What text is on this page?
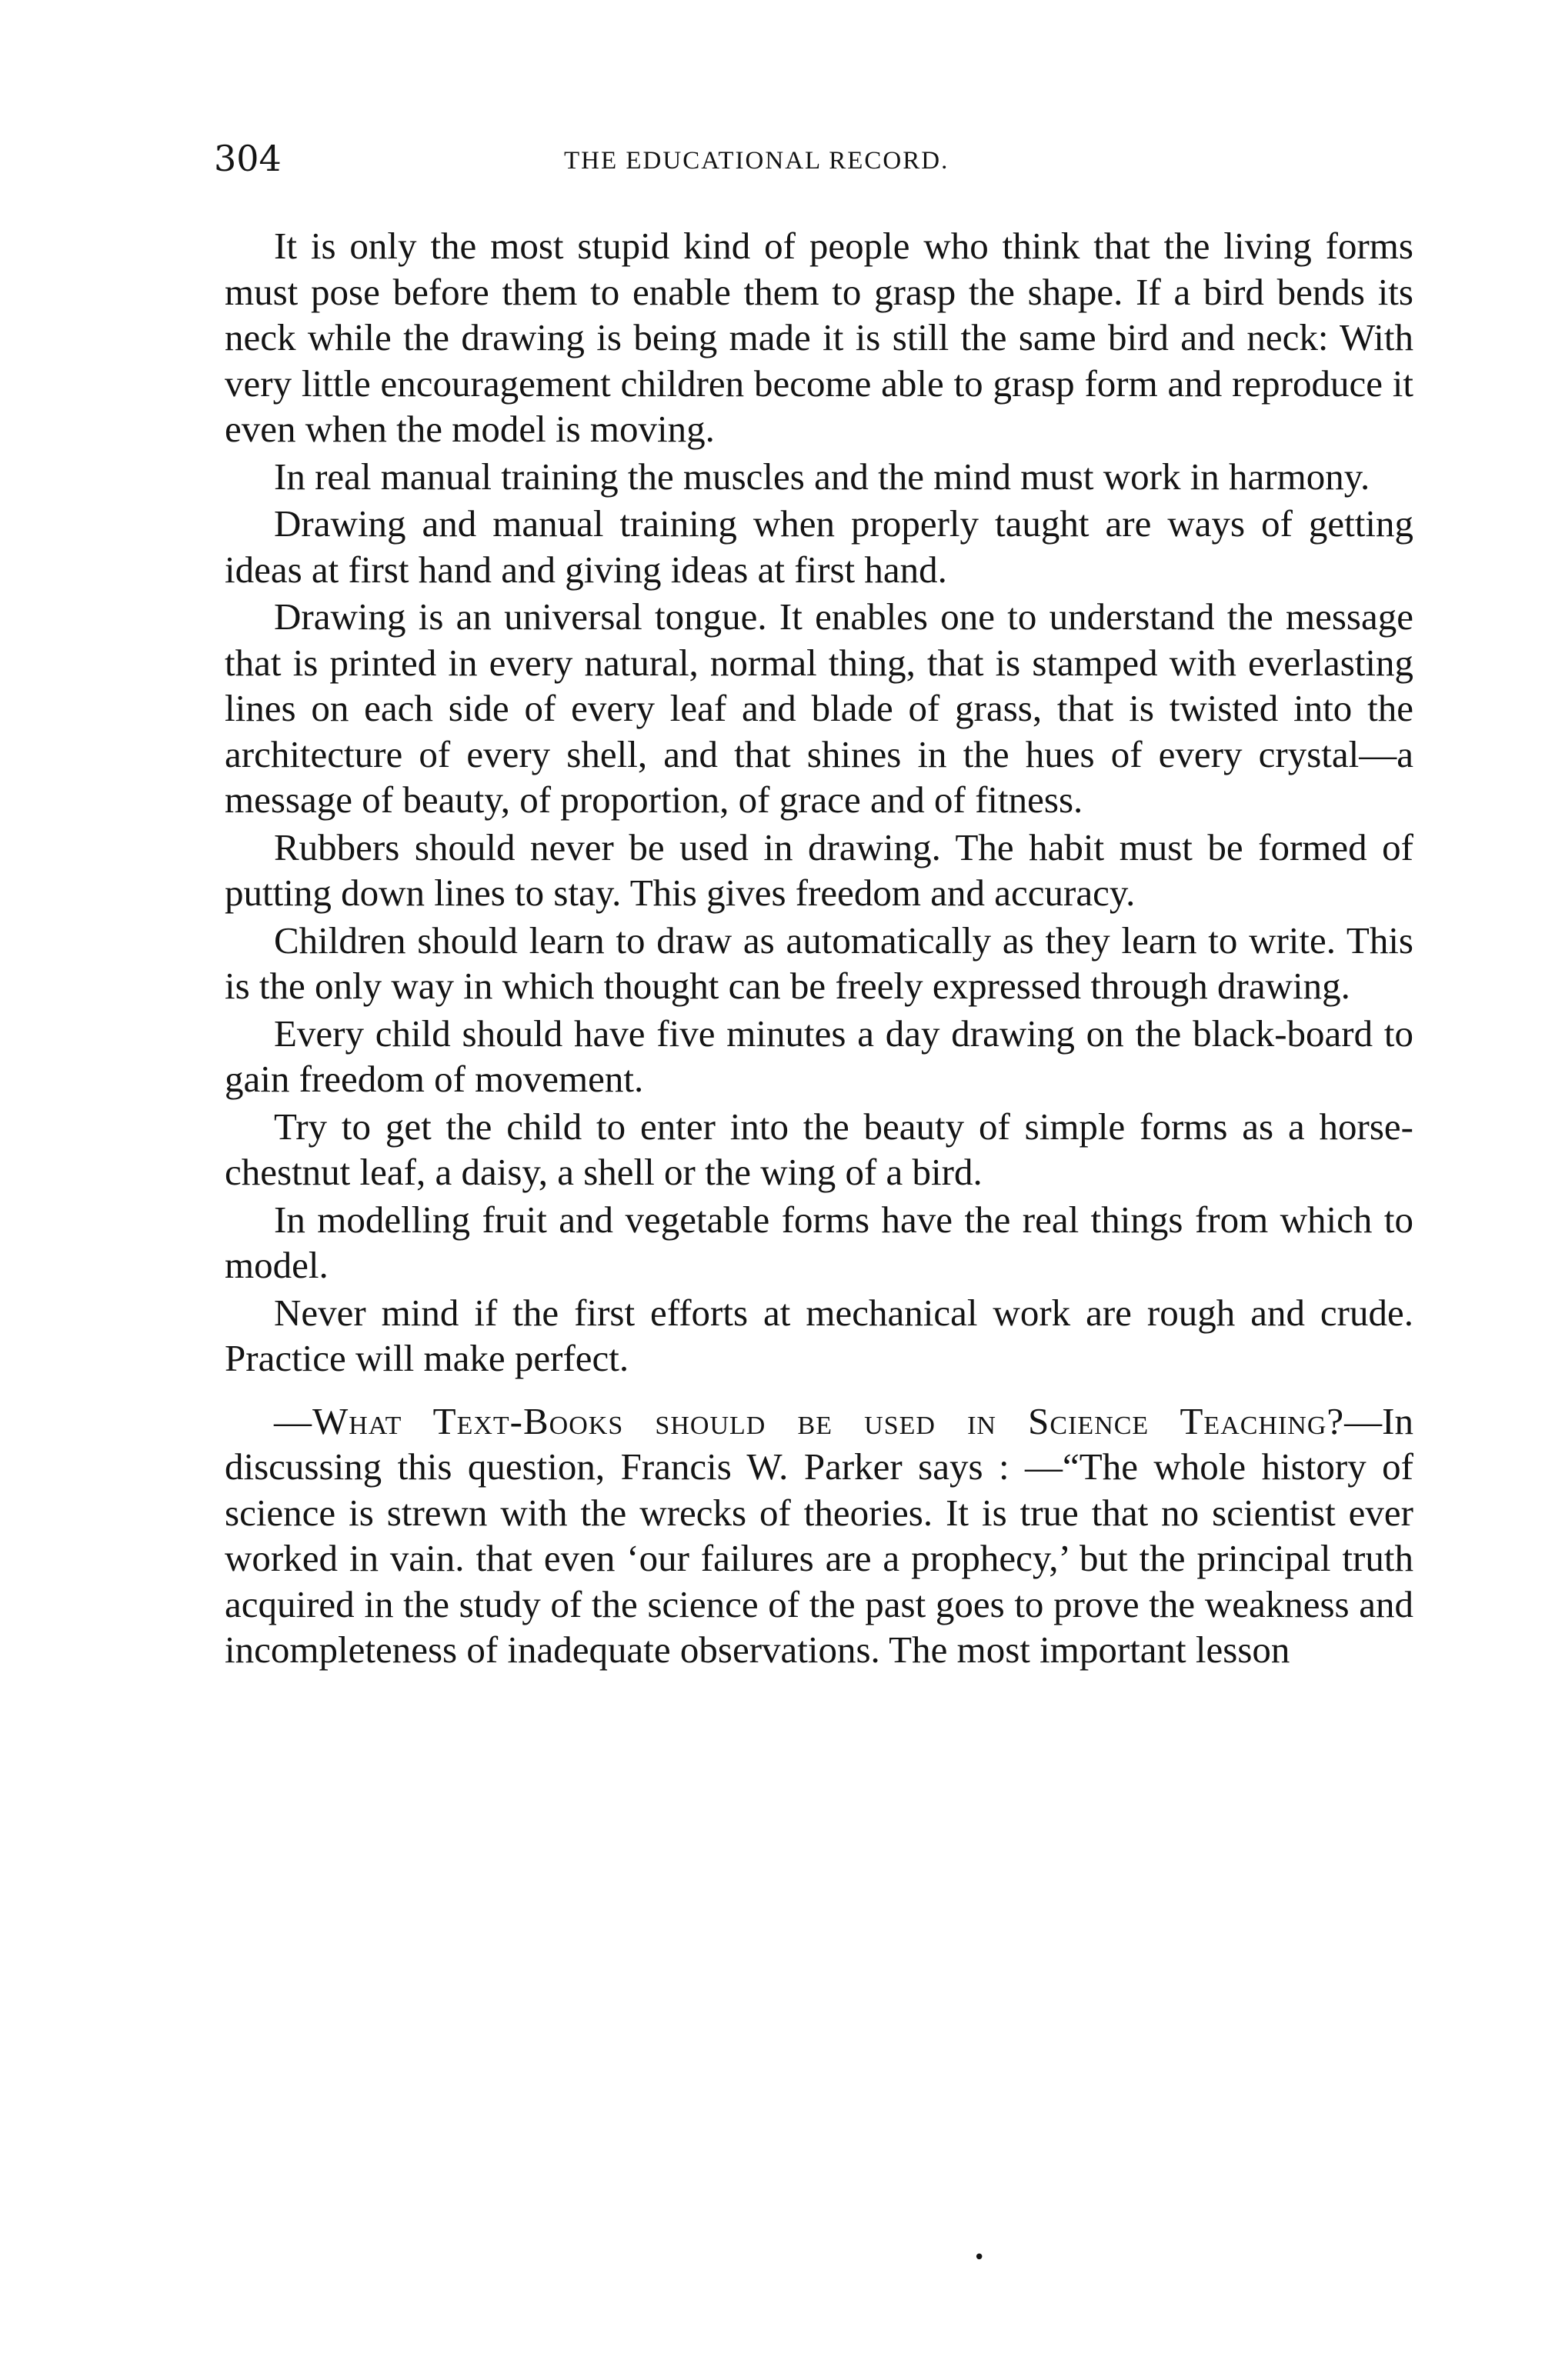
304	THE EDUCATIONAL RECORD.

It is only the most stupid kind of people who think that the living forms must pose before them to enable them to grasp the shape. If a bird bends its neck while the drawing is being made it is still the same bird and neck: With very little encouragement children become able to grasp form and reproduce it even when the model is moving.

In real manual training the muscles and the mind must work in harmony.

Drawing and manual training when properly taught are ways of getting ideas at first hand and giving ideas at first hand.

Drawing is an universal tongue. It enables one to understand the message that is printed in every natural, normal thing, that is stamped with everlasting lines on each side of every leaf and blade of grass, that is twisted into the architecture of every shell, and that shines in the hues of every crystal—a message of beauty, of proportion, of grace and of fitness.

Rubbers should never be used in drawing. The habit must be formed of putting down lines to stay. This gives freedom and accuracy.

Children should learn to draw as automatically as they learn to write. This is the only way in which thought can be freely expressed through drawing.

Every child should have five minutes a day drawing on the black-board to gain freedom of movement.

Try to get the child to enter into the beauty of simple forms as a horse-chestnut leaf, a daisy, a shell or the wing of a bird.

In modelling fruit and vegetable forms have the real things from which to model.

Never mind if the first efforts at mechanical work are rough and crude. Practice will make perfect.

—What Text-Books should be used in Science Teaching?—In discussing this question, Francis W. Parker says : —“The whole history of science is strewn with the wrecks of theories. It is true that no scientist ever worked in vain. that even ‘our failures are a prophecy,’ but the principal truth acquired in the study of the science of the past goes to prove the weakness and incompleteness of inadequate observations. The most important lesson

•
